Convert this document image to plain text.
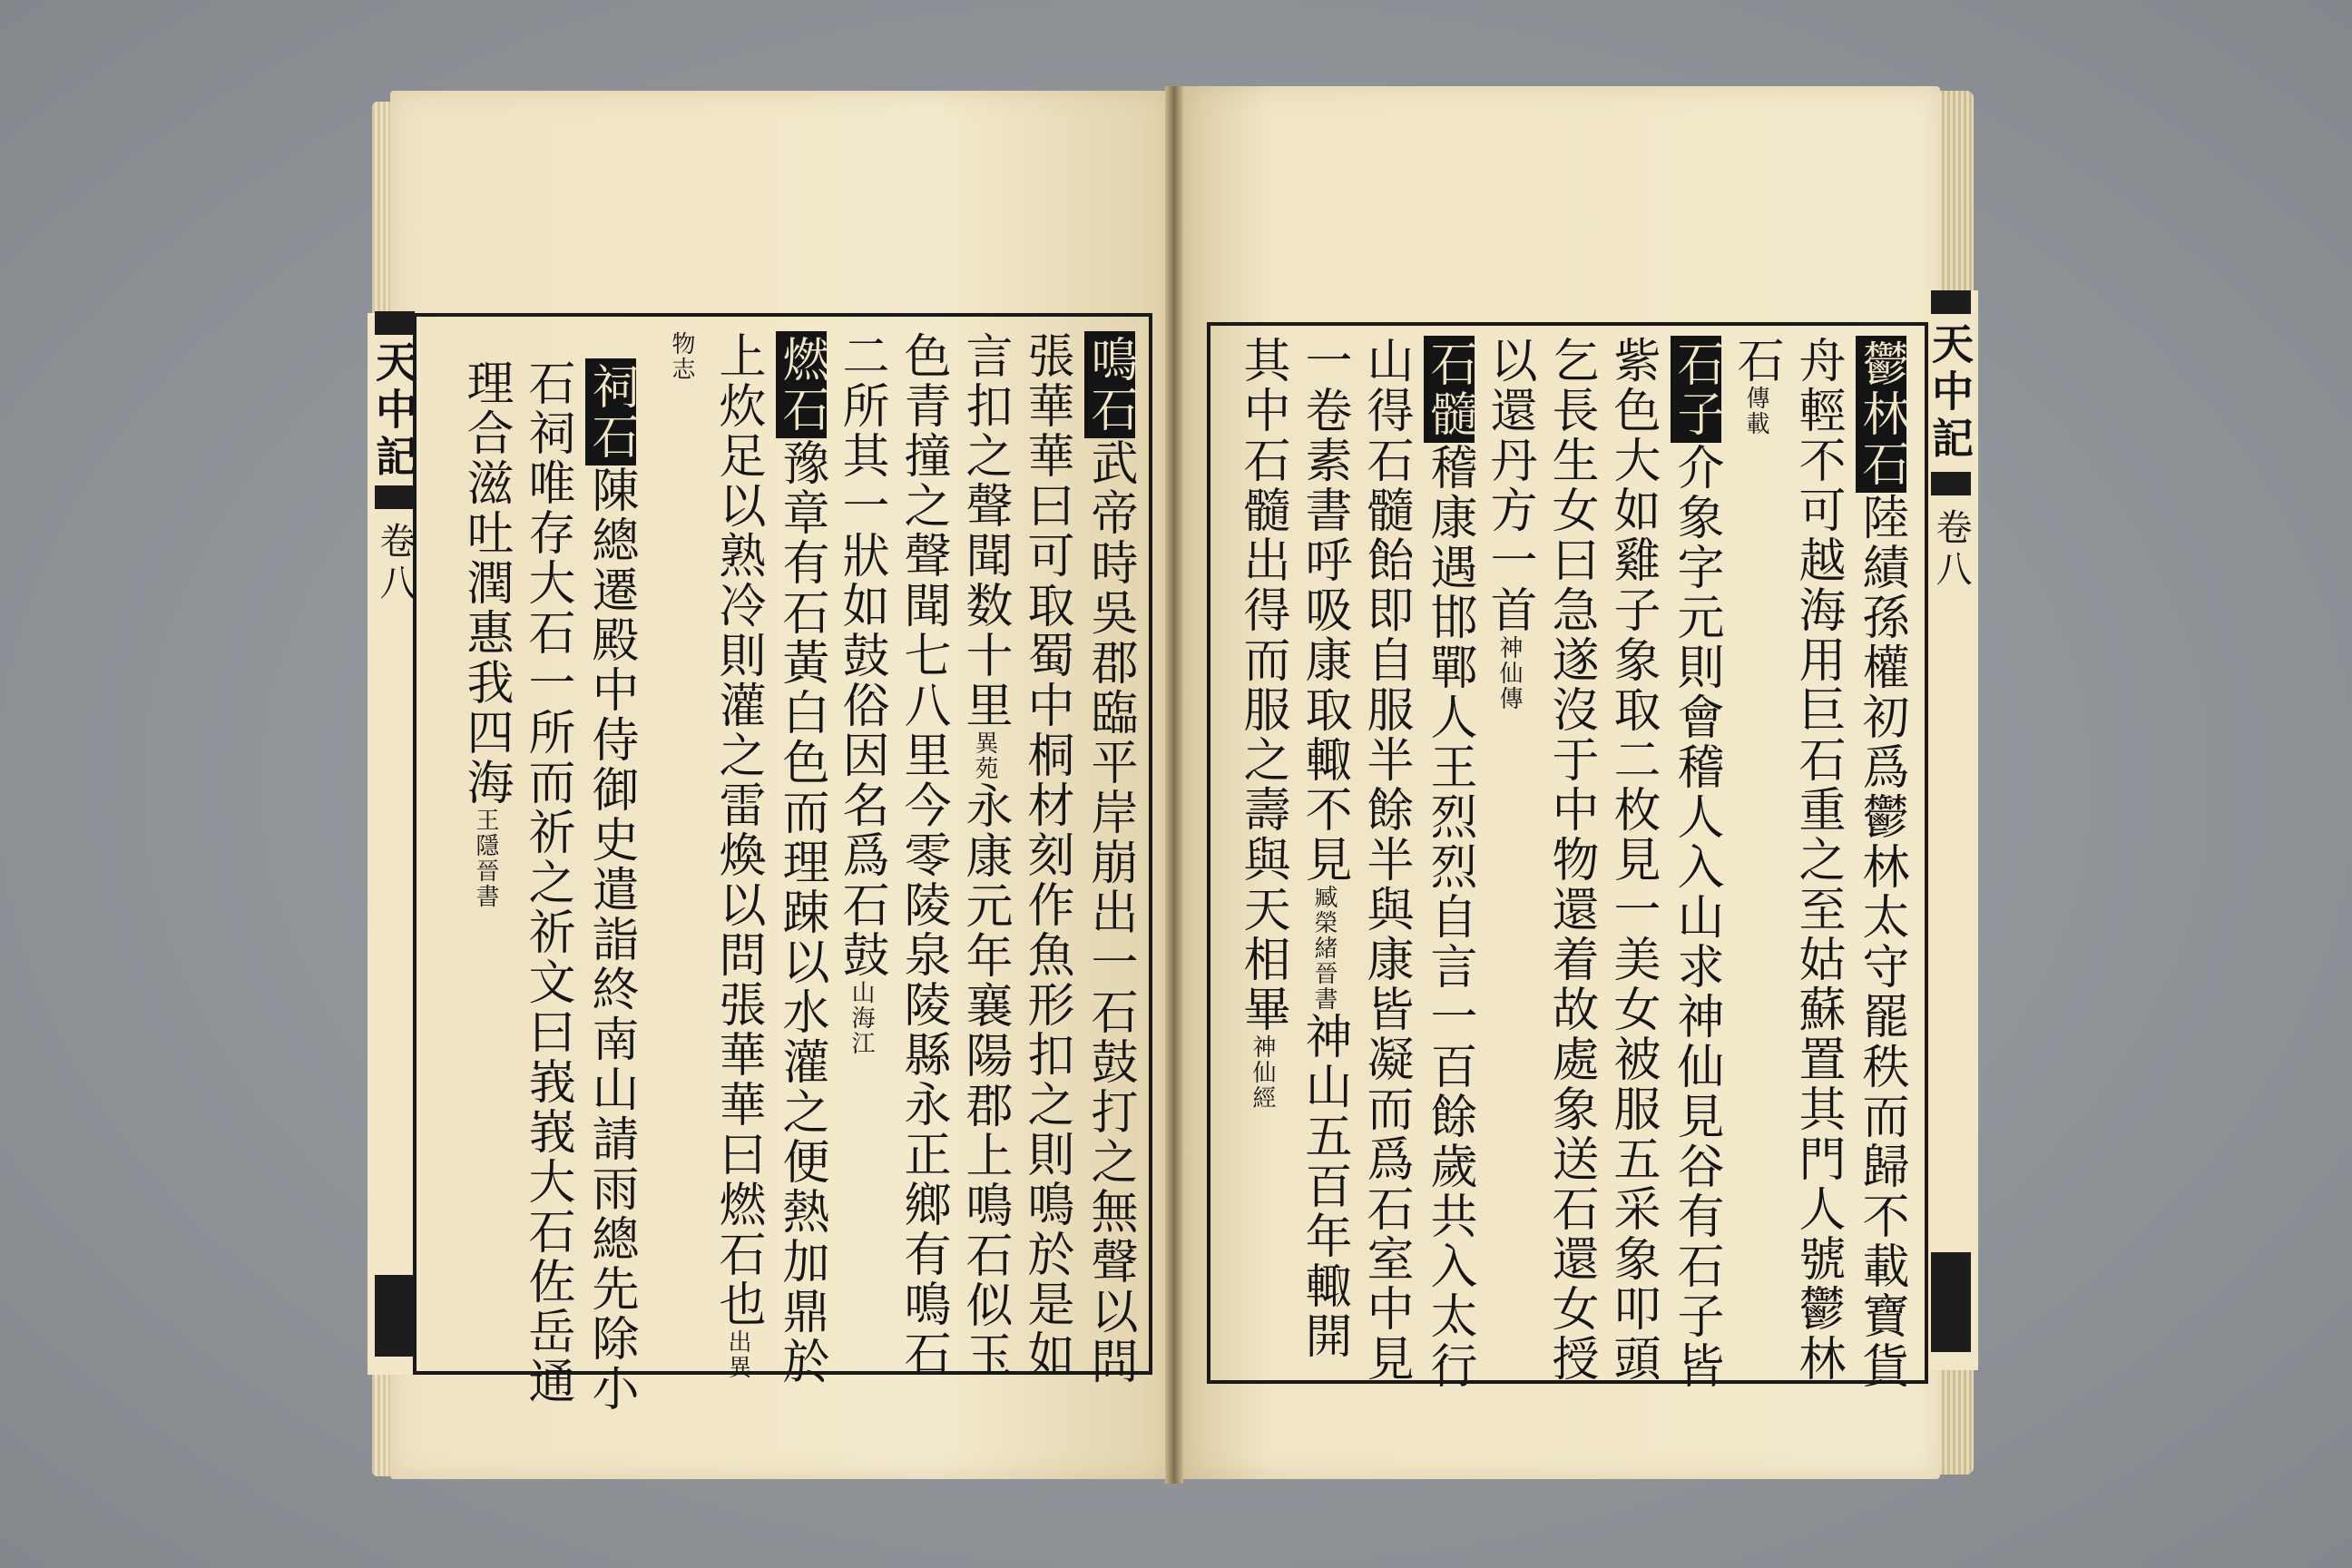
天中記
卷八
天中記
卷八
鳴石武帝時吳郡臨平岸崩出一石鼓打之無聲以問
張華華曰可取蜀中桐材刻作魚形扣之則鳴於是如
言扣之聲聞数十里異苑永康元年襄陽郡上鳴石似玉
色青撞之聲聞七八里今零陵泉陵縣永正鄉有鳴石
二所其一狀如鼓俗因名爲石鼓山海江
燃石豫章有石黃白色而理踈以水灌之便熱加鼎於
上炊足以熟冷則灌之雷煥以問張華華曰燃石也出異
物志
祠石陳總遷殿中侍御史遣詣終南山請雨總先除小
石祠唯存大石一所而祈之祈文曰峩峩大石佐岳通
理合滋吐潤惠我四海王隱晉書
鬱林石陸績孫權初爲鬱林太守罷秩而歸不載寶貨
舟輕不可越海用巨石重之至姑蘇置其門人號鬱林
石傳載
石子介象字元則會稽人入山求神仙見谷有石子皆
紫色大如雞子象取二枚見一美女被服五采象叩頭
乞長生女曰急遂沒于中物還着故處象送石還女授
以還丹方一首神仙傳
石髓稽康遇邯鄲人王烈烈自言一百餘歲共入太行
山得石髓飴即自服半餘半與康皆凝而爲石室中見
一卷素書呼吸康取輙不見臧榮緒晉書神山五百年輙開
其中石髓出得而服之壽與天相畢神仙經
